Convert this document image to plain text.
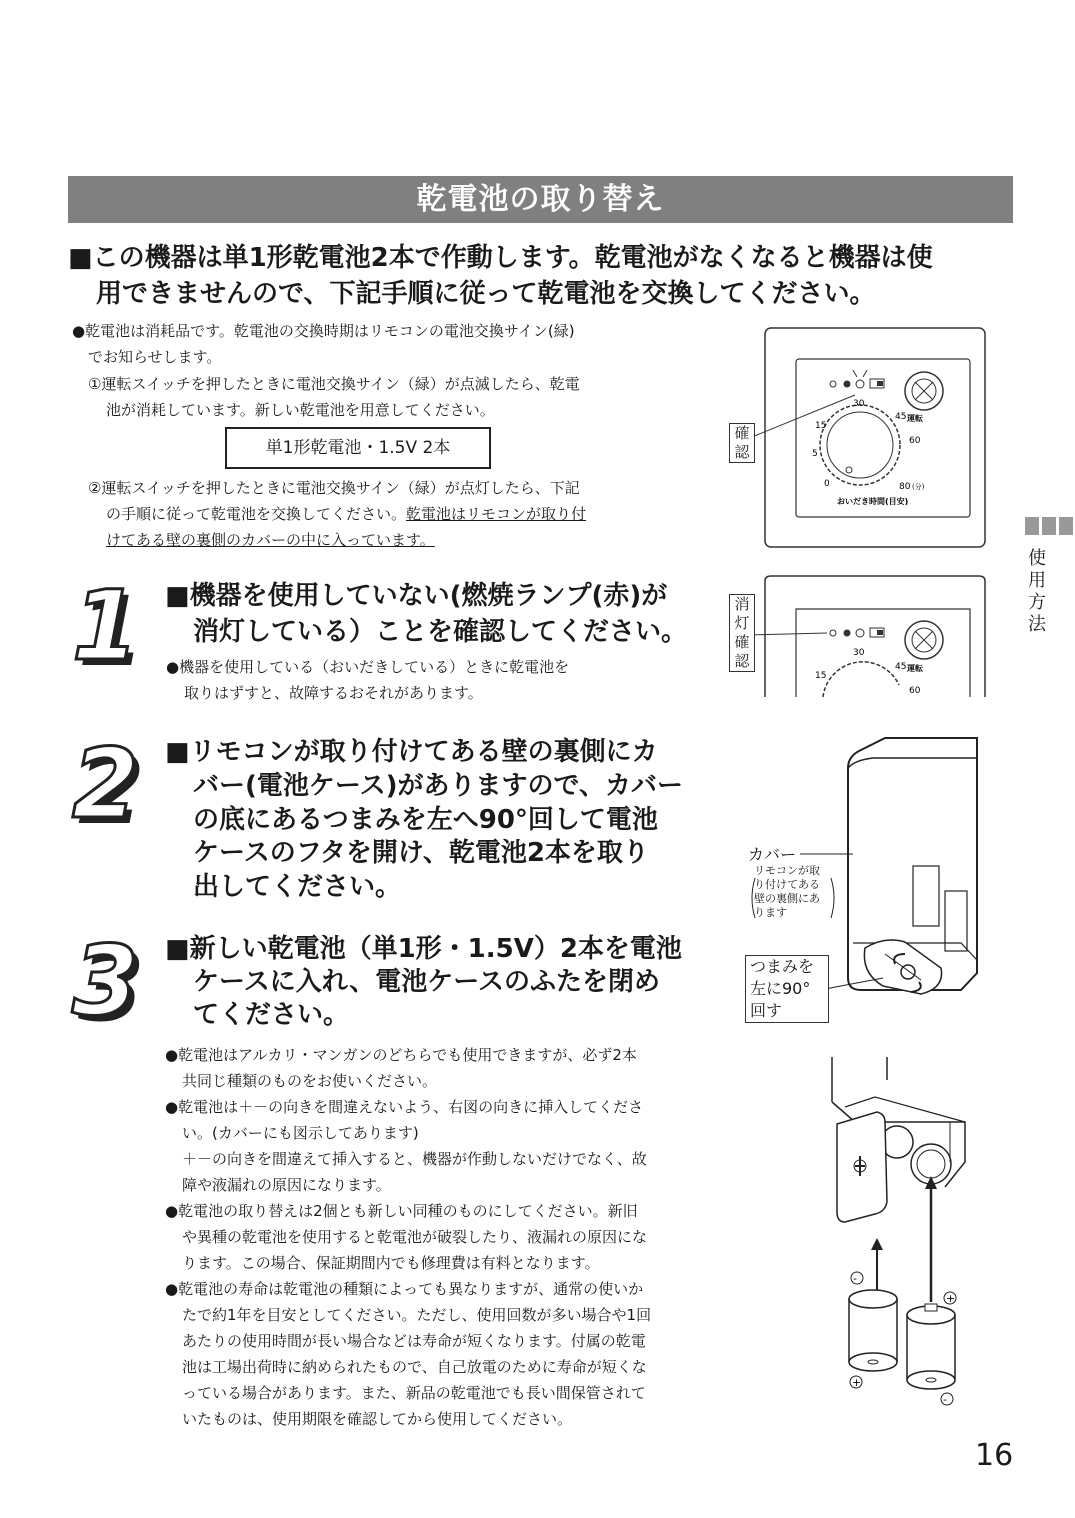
乾電池の取り替え
■この機器は単1形乾電池2本で作動します。乾電池がなくなると機器は使
用できませんので、下記手順に従って乾電池を交換してください。
●乾電池は消耗品です。乾電池の交換時期はリモコンの電池交換サイン(緑)
でお知らせします。
①運転スイッチを押したときに電池交換サイン（緑）が点滅したら、乾電
池が消耗しています。新しい乾電池を用意してください。
単1形乾電池・1.5V 2本
②運転スイッチを押したときに電池交換サイン（緑）が点灯したら、下記
の手順に従って乾電池を交換してください。乾電池はリモコンが取り付
けてある壁の裏側のカバーの中に入っています。
30
45
15
60
5
0	80 (分)
おいだき時間(目安)
運転
確
認
使用方法
1 ■機器を使用していない(燃焼ランプ(赤)が
消灯している）ことを確認してください。
●機器を使用している（おいだきしている）ときに乾電池を
取りはずすと、故障するおそれがあります。
30
45
15
60
運転
消
灯
確
認
2 ■リモコンが取り付けてある壁の裏側にカ
バー(電池ケース)がありますので、カバー
の底にあるつまみを左へ90°回して電池
ケースのフタを開け、乾電池2本を取り
出してください。
カバー
リモコンが取
り付けてある
壁の裏側にあ
ります
つまみを
左に90°
回す
3 ■新しい乾電池（単1形・1.5V）2本を電池
ケースに入れ、電池ケースのふたを閉め
てください。
●乾電池はアルカリ・マンガンのどちらでも使用できますが、必ず2本
共同じ種類のものをお使いください。
●乾電池は＋－の向きを間違えないよう、右図の向きに挿入してくださ
い。(カバーにも図示してあります)
＋－の向きを間違えて挿入すると、機器が作動しないだけでなく、故
障や液漏れの原因になります。
●乾電池の取り替えは2個とも新しい同種のものにしてください。新旧
や異種の乾電池を使用すると乾電池が破裂したり、液漏れの原因にな
ります。この場合、保証期間内でも修理費は有料となります。
●乾電池の寿命は乾電池の種類によっても異なりますが、通常の使いか
たで約1年を目安としてください。ただし、使用回数が多い場合や1回
あたりの使用時間が長い場合などは寿命が短くなります。付属の乾電
池は工場出荷時に納められたもので、自己放電のために寿命が短くな
っている場合があります。また、新品の乾電池でも長い間保管されて
いたものは、使用期限を確認してから使用してください。
-
+
+
-
16
